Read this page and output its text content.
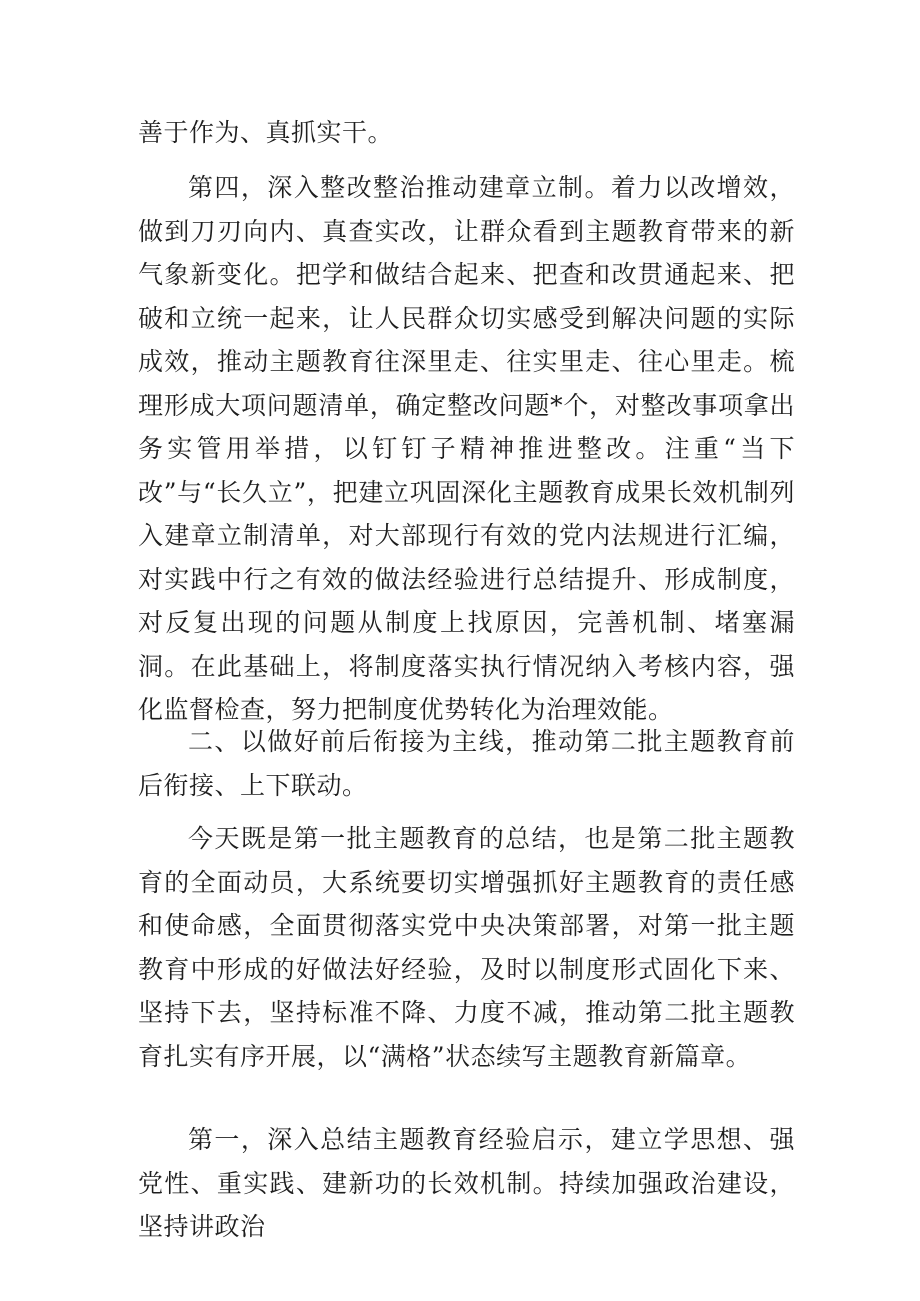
善于作为、真抓实干。

第四，深入整改整治推动建章立制。着力以改增效，做到刀刃向内、真查实改，让群众看到主题教育带来的新气象新变化。把学和做结合起来、把查和改贯通起来、把破和立统一起来，让人民群众切实感受到解决问题的实际成效，推动主题教育往深里走、往实里走、往心里走。梳理形成大项问题清单，确定整改问题*个，对整改事项拿出务实管用举措，以钉钉子精神推进整改。注重“当下改”与“长久立”，把建立巩固深化主题教育成果长效机制列入建章立制清单，对大部现行有效的党内法规进行汇编，对实践中行之有效的做法经验进行总结提升、形成制度，对反复出现的问题从制度上找原因，完善机制、堵塞漏洞。在此基础上，将制度落实执行情况纳入考核内容，强化监督检查，努力把制度优势转化为治理效能。

二、以做好前后衔接为主线，推动第二批主题教育前后衔接、上下联动。

今天既是第一批主题教育的总结，也是第二批主题教育的全面动员，大系统要切实增强抓好主题教育的责任感和使命感，全面贯彻落实党中央决策部署，对第一批主题教育中形成的好做法好经验，及时以制度形式固化下来、坚持下去，坚持标准不降、力度不减，推动第二批主题教育扎实有序开展，以“满格”状态续写主题教育新篇章。

第一，深入总结主题教育经验启示，建立学思想、强党性、重实践、建新功的长效机制。持续加强政治建设，坚持讲政治
